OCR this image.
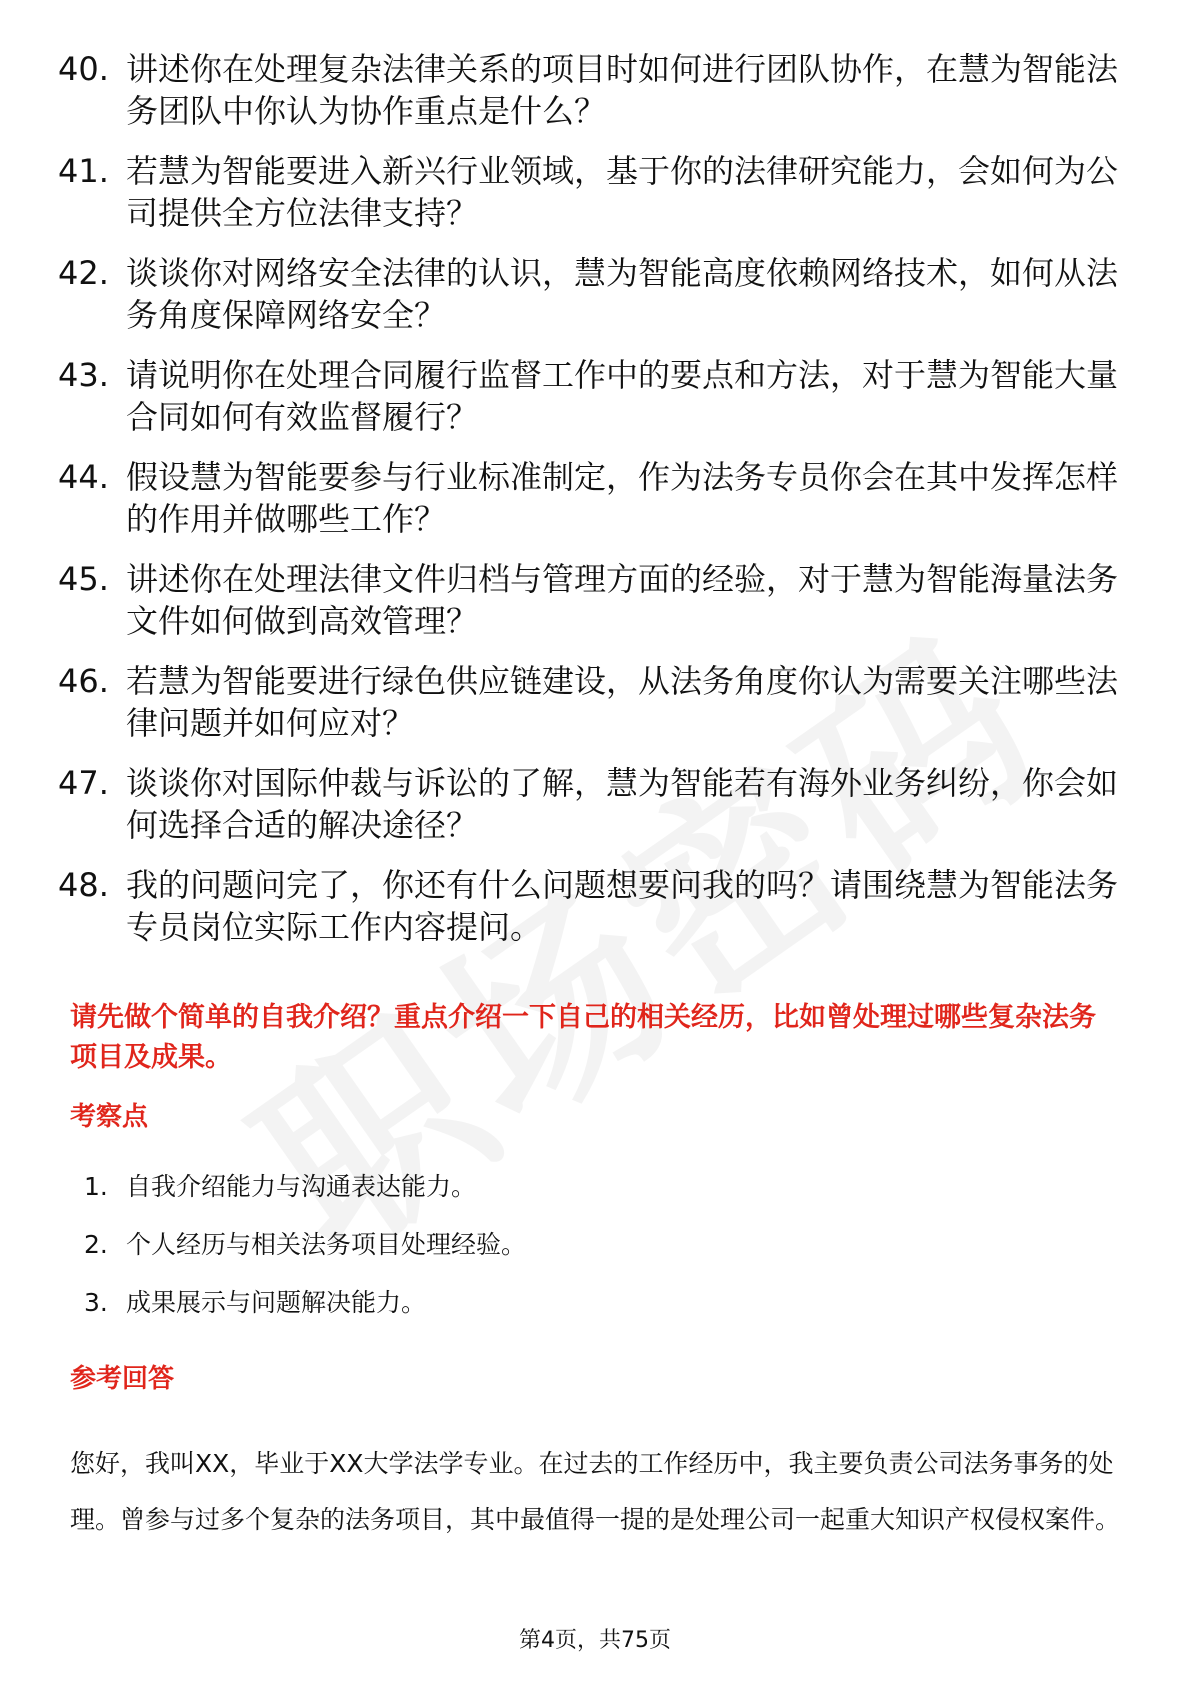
40. 讲述你在处理复杂法律关系的项目时如何进行团队协作，在慧为智能法务团队中你认为协作重点是什么？
41. 若慧为智能要进入新兴行业领域，基于你的法律研究能力，会如何为公司提供全方位法律支持？
42. 谈谈你对网络安全法律的认识，慧为智能高度依赖网络技术，如何从法务角度保障网络安全？
43. 请说明你在处理合同履行监督工作中的要点和方法，对于慧为智能大量合同如何有效监督履行？
44. 假设慧为智能要参与行业标准制定，作为法务专员你会在其中发挥怎样的作用并做哪些工作？
45. 讲述你在处理法律文件归档与管理方面的经验，对于慧为智能海量法务文件如何做到高效管理？
46. 若慧为智能要进行绿色供应链建设，从法务角度你认为需要关注哪些法律问题并如何应对？
47. 谈谈你对国际仲裁与诉讼的了解，慧为智能若有海外业务纠纷，你会如何选择合适的解决途径？
48. 我的问题问完了，你还有什么问题想要问我的吗？请围绕慧为智能法务专员岗位实际工作内容提问。
请先做个简单的自我介绍？重点介绍一下自己的相关经历，比如曾处理过哪些复杂法务项目及成果。
考察点
1. 自我介绍能力与沟通表达能力。
2. 个人经历与相关法务项目处理经验。
3. 成果展示与问题解决能力。
参考回答
您好，我叫XX，毕业于XX大学法学专业。在过去的工作经历中，我主要负责公司法务事务的处理。曾参与过多个复杂的法务项目，其中最值得一提的是处理公司一起重大知识产权侵权案件。
第4页，共75页
